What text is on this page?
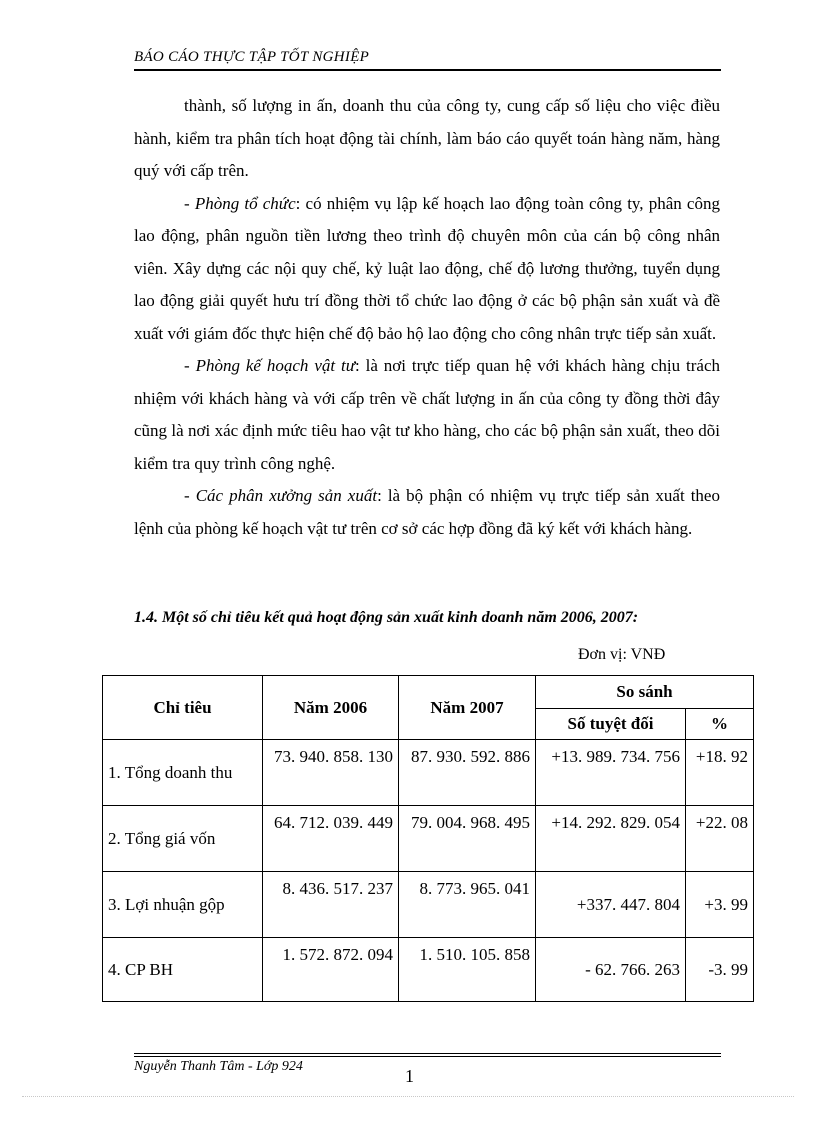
BÁO CÁO THỰC TẬP TỐT NGHIỆP

thành, số lượng in ấn, doanh thu của công ty, cung cấp số liệu cho việc điều hành, kiểm tra phân tích hoạt động tài chính, làm báo cáo quyết toán hàng năm, hàng quý với cấp trên.

- Phòng tổ chức: có nhiệm vụ lập kế hoạch lao động toàn công ty, phân công lao động, phân nguồn tiền lương theo trình độ chuyên môn của cán bộ công nhân viên. Xây dựng các nội quy chế, kỷ luật lao động, chế độ lương thưởng, tuyển dụng lao động giải quyết hưu trí đồng thời tổ chức lao động ở các bộ phận sản xuất và đề xuất với giám đốc thực hiện chế độ bảo hộ lao động cho công nhân trực tiếp sản xuất.

- Phòng kế hoạch vật tư: là nơi trực tiếp quan hệ với khách hàng chịu trách nhiệm với khách hàng và với cấp trên về chất lượng in ấn của công ty đồng thời đây cũng là nơi xác định mức tiêu hao vật tư kho hàng, cho các bộ phận sản xuất, theo dõi kiểm tra quy trình công nghệ.

- Các phân xưởng sản xuất: là bộ phận có nhiệm vụ trực tiếp sản xuất theo lệnh của phòng kế hoạch vật tư trên cơ sở các hợp đồng đã ký kết với khách hàng.

1.4. Một số chỉ tiêu kết quả hoạt động sản xuất kinh doanh năm 2006, 2007:
Đơn vị: VNĐ
Chỉ tiêu	Năm 2006	Năm 2007	So sánh	
			Số tuyệt đối	%
1. Tổng doanh thu	73. 940. 858. 130	87. 930. 592. 886	+13. 989. 734. 756	+18. 92
2. Tổng giá vốn	64. 712. 039. 449	79. 004. 968. 495	+14. 292. 829. 054	+22. 08
3. Lợi nhuận gộp	8. 436. 517. 237	8. 773. 965. 041	+337. 447. 804	+3. 99
4. CP BH	1. 572. 872. 094	1. 510. 105. 858	- 62. 766. 263	-3. 99
Nguyễn Thanh Tâm - Lớp 924	1
